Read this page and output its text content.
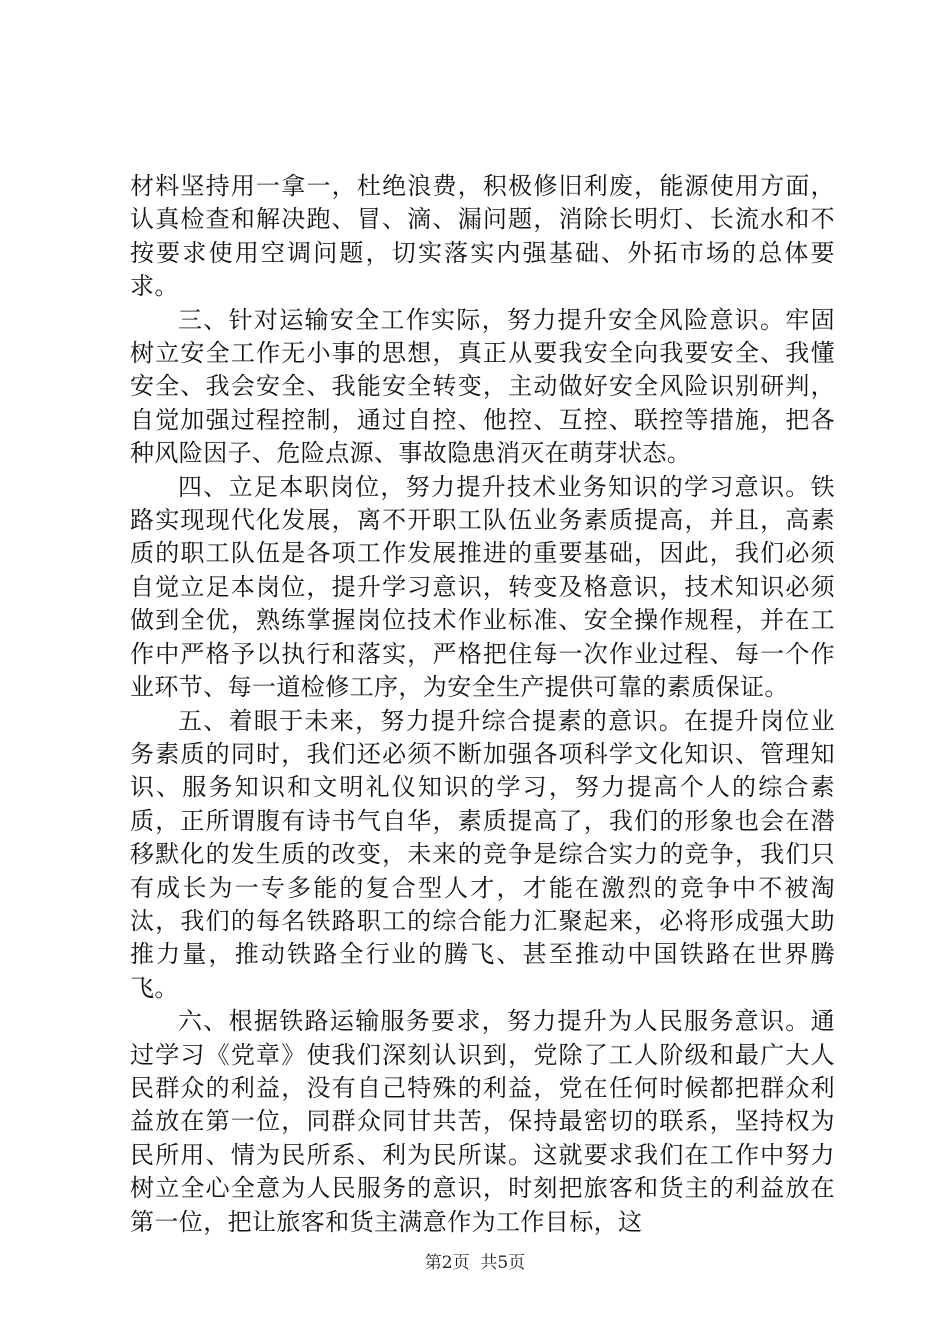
材料坚持用一拿一，杜绝浪费，积极修旧利废，能源使用方面，认真检查和解决跑、冒、滴、漏问题，消除长明灯、长流水和不按要求使用空调问题，切实落实内强基础、外拓市场的总体要求。

三、针对运输安全工作实际，努力提升安全风险意识。牢固树立安全工作无小事的思想，真正从要我安全向我要安全、我懂安全、我会安全、我能安全转变，主动做好安全风险识别研判，自觉加强过程控制，通过自控、他控、互控、联控等措施，把各种风险因子、危险点源、事故隐患消灭在萌芽状态。

四、立足本职岗位，努力提升技术业务知识的学习意识。铁路实现现代化发展，离不开职工队伍业务素质提高，并且，高素质的职工队伍是各项工作发展推进的重要基础，因此，我们必须自觉立足本岗位，提升学习意识，转变及格意识，技术知识必须做到全优，熟练掌握岗位技术作业标准、安全操作规程，并在工作中严格予以执行和落实，严格把住每一次作业过程、每一个作业环节、每一道检修工序，为安全生产提供可靠的素质保证。

五、着眼于未来，努力提升综合提素的意识。在提升岗位业务素质的同时，我们还必须不断加强各项科学文化知识、管理知识、服务知识和文明礼仪知识的学习，努力提高个人的综合素质，正所谓腹有诗书气自华，素质提高了，我们的形象也会在潜移默化的发生质的改变，未来的竞争是综合实力的竞争，我们只有成长为一专多能的复合型人才，才能在激烈的竞争中不被淘汰，我们的每名铁路职工的综合能力汇聚起来，必将形成强大助推力量，推动铁路全行业的腾飞、甚至推动中国铁路在世界腾飞。

六、根据铁路运输服务要求，努力提升为人民服务意识。通过学习《党章》使我们深刻认识到，党除了工人阶级和最广大人民群众的利益，没有自己特殊的利益，党在任何时候都把群众利益放在第一位，同群众同甘共苦，保持最密切的联系，坚持权为民所用、情为民所系、利为民所谋。这就要求我们在工作中努力树立全心全意为人民服务的意识，时刻把旅客和货主的利益放在第一位，把让旅客和货主满意作为工作目标，这

第2页  共5页
